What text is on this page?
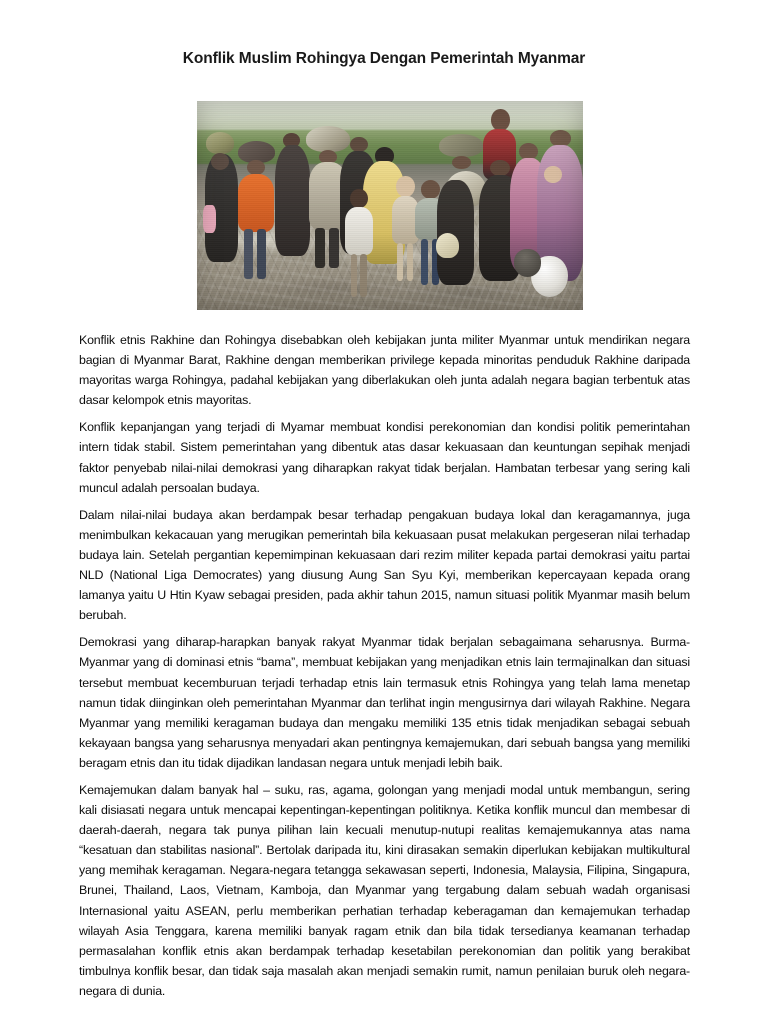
Konflik Muslim Rohingya Dengan Pemerintah Myanmar

Konflik etnis Rakhine dan Rohingya disebabkan oleh kebijakan junta militer Myanmar untuk mendirikan negara bagian di Myanmar Barat, Rakhine dengan memberikan privilege kepada minoritas penduduk Rakhine daripada mayoritas warga Rohingya, padahal kebijakan yang diberlakukan oleh junta adalah negara bagian terbentuk atas dasar kelompok etnis mayoritas.

Konflik kepanjangan yang terjadi di Myamar membuat kondisi perekonomian dan kondisi politik pemerintahan intern tidak stabil. Sistem pemerintahan yang dibentuk atas dasar kekuasaan dan keuntungan sepihak menjadi faktor penyebab nilai-nilai demokrasi yang diharapkan rakyat tidak berjalan. Hambatan terbesar yang sering kali muncul adalah persoalan budaya.

Dalam nilai-nilai budaya akan berdampak besar terhadap pengakuan budaya lokal dan keragamannya, juga menimbulkan kekacauan yang merugikan pemerintah bila kekuasaan pusat melakukan pergeseran nilai terhadap budaya lain. Setelah pergantian kepemimpinan kekuasaan dari rezim militer kepada partai demokrasi yaitu partai NLD (National Liga Democrates) yang diusung Aung San Syu Kyi, memberikan kepercayaan kepada orang lamanya yaitu U Htin Kyaw sebagai presiden, pada akhir tahun 2015, namun situasi politik Myanmar masih belum berubah.

Demokrasi yang diharap-harapkan banyak rakyat Myanmar tidak berjalan sebagaimana seharusnya. Burma-Myanmar yang di dominasi etnis “bama”, membuat kebijakan yang menjadikan etnis lain termajinalkan dan situasi tersebut membuat kecemburuan terjadi terhadap etnis lain termasuk etnis Rohingya yang telah lama menetap namun tidak diinginkan oleh pemerintahan Myanmar dan terlihat ingin mengusirnya dari wilayah Rakhine. Negara Myanmar yang memiliki keragaman budaya dan mengaku memiliki 135 etnis tidak menjadikan sebagai sebuah kekayaan bangsa yang seharusnya menyadari akan pentingnya kemajemukan, dari sebuah bangsa yang memiliki beragam etnis dan itu tidak dijadikan landasan negara untuk menjadi lebih baik.

Kemajemukan dalam banyak hal – suku, ras, agama, golongan yang menjadi modal untuk membangun, sering kali disiasati negara untuk mencapai kepentingan-kepentingan politiknya. Ketika konflik muncul dan membesar di daerah-daerah, negara tak punya pilihan lain kecuali menutup-nutupi realitas kemajemukannya atas nama “kesatuan dan stabilitas nasional”. Bertolak daripada itu, kini dirasakan semakin diperlukan kebijakan multikultural yang memihak keragaman. Negara-negara tetangga sekawasan seperti, Indonesia, Malaysia, Filipina, Singapura, Brunei, Thailand, Laos, Vietnam, Kamboja, dan Myanmar yang tergabung dalam sebuah wadah organisasi Internasional yaitu ASEAN, perlu memberikan perhatian terhadap keberagaman dan kemajemukan terhadap wilayah Asia Tenggara, karena memiliki banyak ragam etnik dan bila tidak tersedianya keamanan terhadap permasalahan konflik etnis akan berdampak terhadap kesetabilan perekonomian dan politik yang berakibat timbulnya konflik besar, dan tidak saja masalah akan menjadi semakin rumit, namun penilaian buruk oleh negara-negara di dunia.
